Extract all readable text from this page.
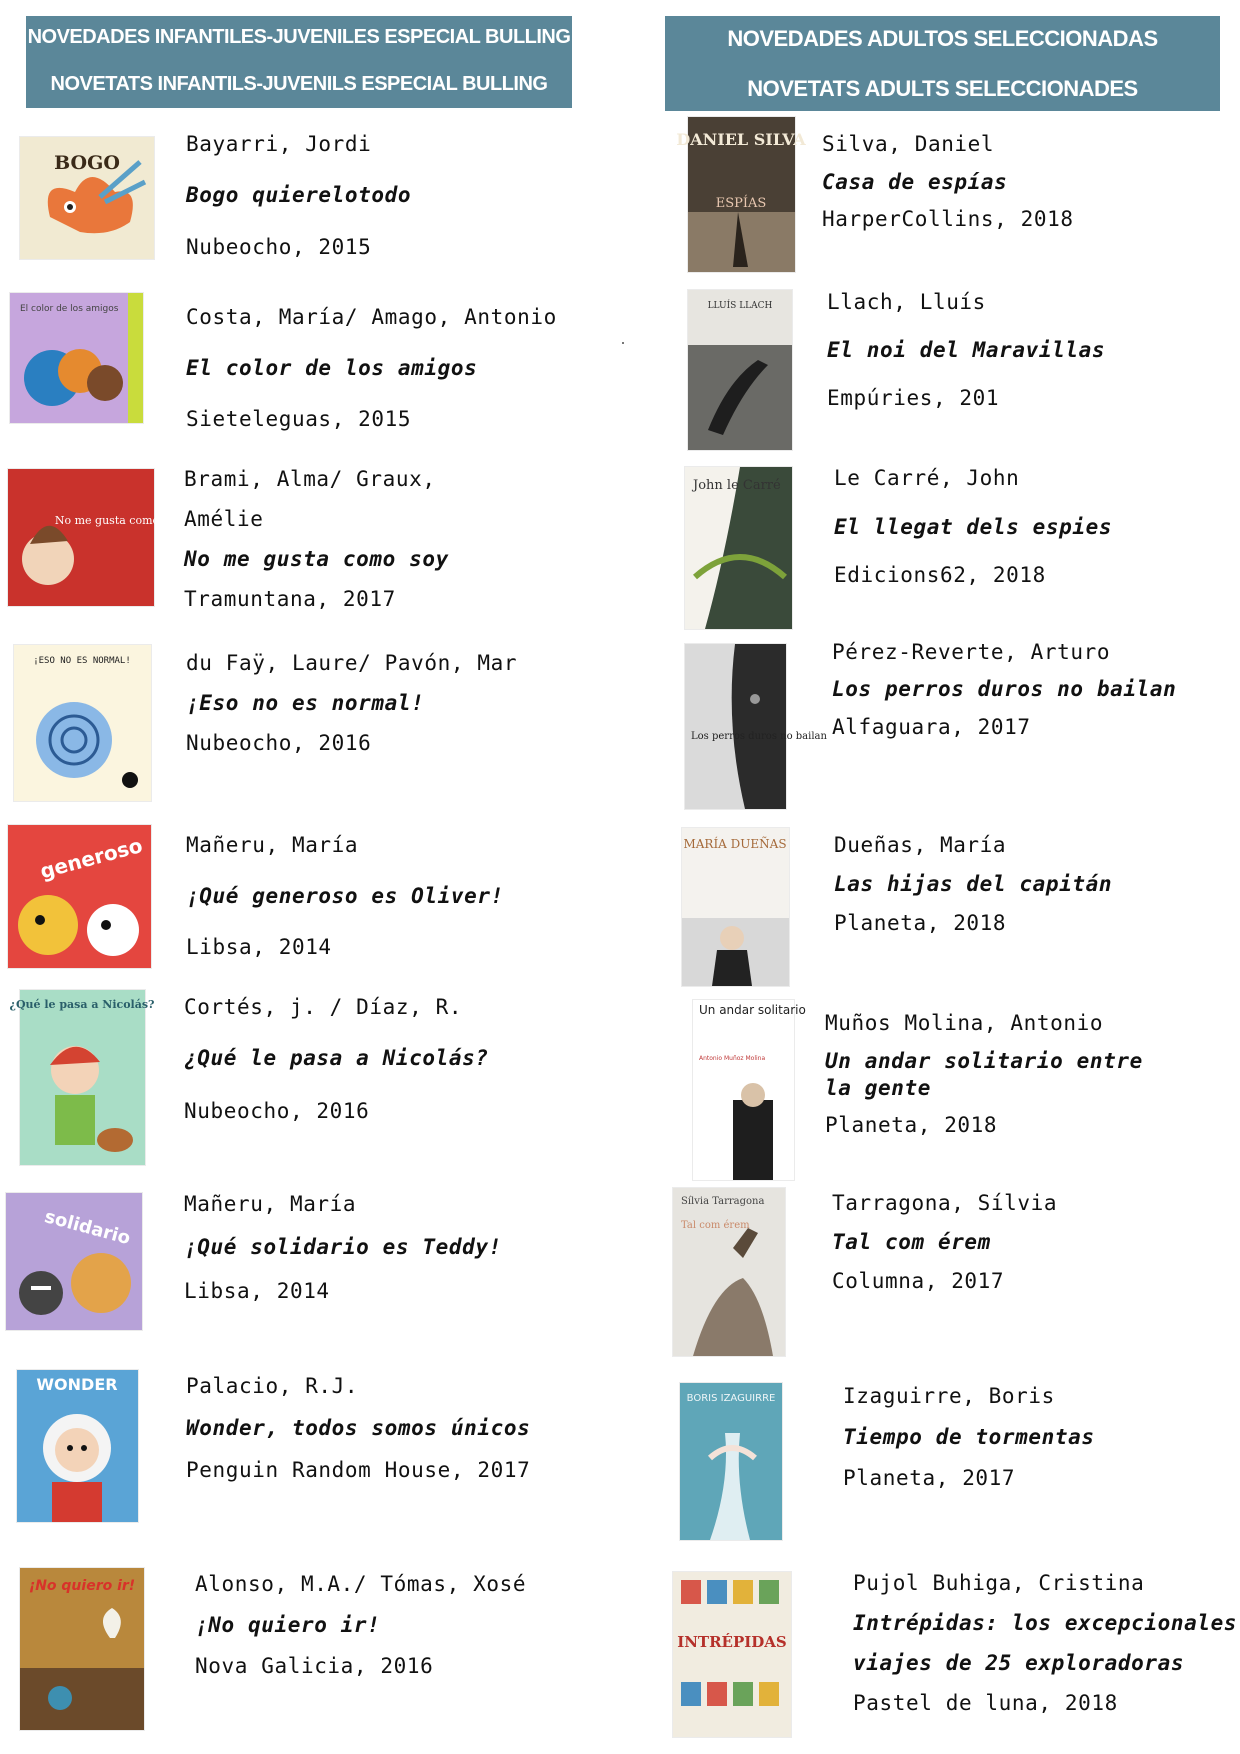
NOVEDADES INFANTILES-JUVENILES ESPECIAL BULLING
NOVETATS INFANTILS-JUVENILS ESPECIAL BULLING
NOVEDADES ADULTOS SELECCIONADAS
NOVETATS ADULTS SELECCIONADES
BOGO
Bayarri, Jordi
Bogo quierelotodo
Nubeocho, 2015
El color de los amigos	Costa, María/ Amago, Antonio
El color de los amigos
Sieteleguas, 2015
No me gusta como soy
Brami, Alma/ Graux,
Amélie
No me gusta como soy
Tramuntana, 2017
¡ESO NO ES NORMAL!	du Faÿ, Laure/ Pavón, Mar
¡Eso no es normal!
Nubeocho, 2016
generoso Mañeru, María
¡Qué generoso es Oliver!
Libsa, 2014
¿Qué le pasa a Nicolás? Cortés, j. / Díaz, R.
¿Qué le pasa a Nicolás?
Nubeocho, 2016
solidario
Mañeru, María
¡Qué solidario es Teddy!
Libsa, 2014
WONDER	Palacio, R.J.
Wonder, todos somos únicos
Penguin Random House, 2017
¡No quiero ir!	Alonso, M.A./ Tómas, Xosé
¡No quiero ir!
Nova Galicia, 2016
DANIEL SILVA
ESPÍAS
Silva, Daniel
Casa de espías
HarperCollins, 2018
LLUÍS LLACH	Llach, Lluís
El noi del Maravillas
Empúries, 201
John le Carré	Le Carré, John
El llegat dels espies
Edicions62, 2018
Los perros duros no bailan
Pérez-Reverte, Arturo
Los perros duros no bailan
Alfaguara, 2017
MARÍA DUEÑAS Dueñas, María
Las hijas del capitán
Planeta, 2018
Un andar solitario
Antonio Muñoz Molina
Muños Molina, Antonio
Un andar solitario entre
la gente
Planeta, 2018
Sílvia Tarragona
Tal com érem
Tarragona, Sílvia
Tal com érem
Columna, 2017
BORIS IZAGUIRRE	Izaguirre, Boris
Tiempo de tormentas
Planeta, 2017
INTRÉPIDAS
Pujol Buhiga, Cristina
Intrépidas: los excepcionales
viajes de 25 exploradoras
Pastel de luna, 2018
